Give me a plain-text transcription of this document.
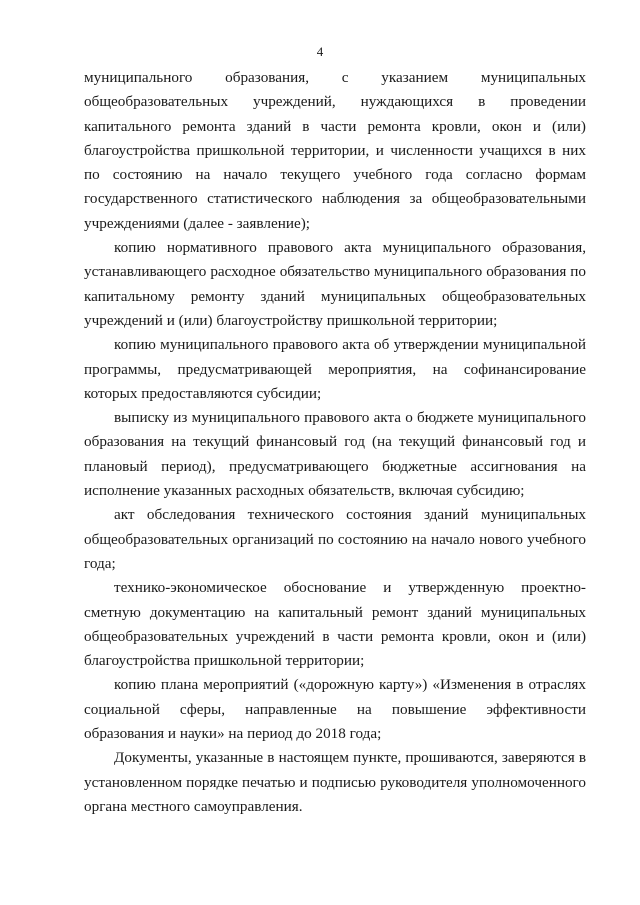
4

муниципального образования, с указанием муниципальных общеобразовательных учреждений, нуждающихся в проведении капитального ремонта зданий в части ремонта кровли, окон и (или) благоустройства пришкольной территории, и численности учащихся в них по состоянию на начало текущего учебного года согласно формам государственного статистического наблюдения за общеобразовательными учреждениями (далее - заявление);

копию нормативного правового акта муниципального образования, устанавливающего расходное обязательство муниципального образования по капитальному ремонту зданий муниципальных общеобразовательных учреждений и (или) благоустройству пришкольной территории;

копию муниципального правового акта об утверждении муниципальной программы, предусматривающей мероприятия, на софинансирование которых предоставляются субсидии;

выписку из муниципального правового акта о бюджете муниципального образования на текущий финансовый год (на текущий финансовый год и плановый период), предусматривающего бюджетные ассигнования на исполнение указанных расходных обязательств, включая субсидию;

акт обследования технического состояния зданий муниципальных общеобразовательных организаций по состоянию на начало нового учебного года;

технико-экономическое обоснование и утвержденную проектно-сметную документацию на капитальный ремонт зданий муниципальных общеобразовательных учреждений в части ремонта кровли, окон и (или) благоустройства пришкольной территории;

копию плана мероприятий («дорожную карту») «Изменения в отраслях социальной сферы, направленные на повышение эффективности образования и науки» на период до 2018 года;

Документы, указанные в настоящем пункте, прошиваются, заверяются в установленном порядке печатью и подписью руководителя уполномоченного органа местного самоуправления.
